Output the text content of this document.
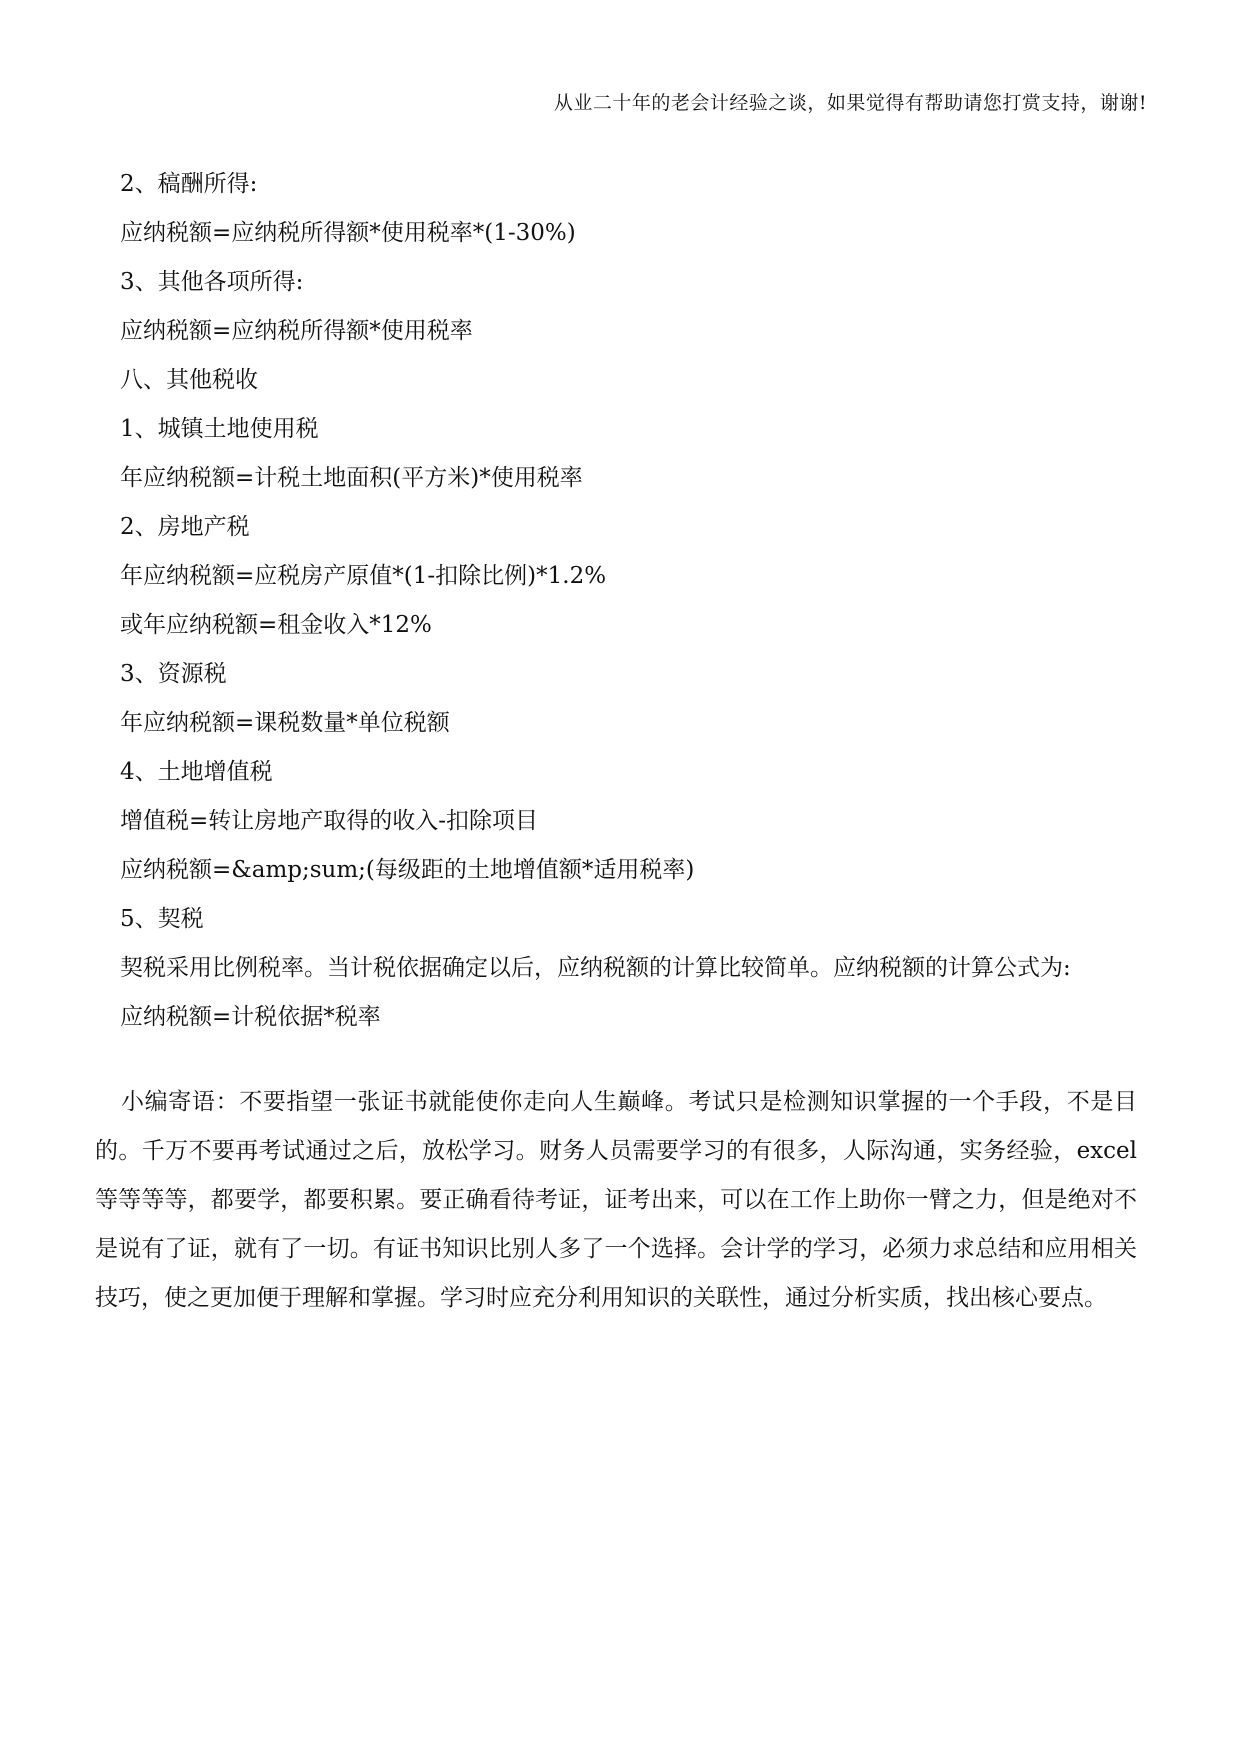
从业二十年的老会计经验之谈，如果觉得有帮助请您打赏支持，谢谢!
2、稿酬所得:
应纳税额=应纳税所得额*使用税率*(1-30%)
3、其他各项所得:
应纳税额=应纳税所得额*使用税率
八、其他税收
1、城镇土地使用税
年应纳税额=计税土地面积(平方米)*使用税率
2、房地产税
年应纳税额=应税房产原值*(1-扣除比例)*1.2%
或年应纳税额=租金收入*12%
3、资源税
年应纳税额=课税数量*单位税额
4、土地增值税
增值税=转让房地产取得的收入-扣除项目
应纳税额=&amp;sum;(每级距的土地增值额*适用税率)
5、契税
契税采用比例税率。当计税依据确定以后，应纳税额的计算比较简单。应纳税额的计算公式为:
应纳税额=计税依据*税率
小编寄语：不要指望一张证书就能使你走向人生巅峰。考试只是检测知识掌握的一个手段，不是目的。千万不要再考试通过之后，放松学习。财务人员需要学习的有很多，人际沟通，实务经验，excel等等等等，都要学，都要积累。要正确看待考证，证考出来，可以在工作上助你一臂之力，但是绝对不是说有了证，就有了一切。有证书知识比别人多了一个选择。会计学的学习，必须力求总结和应用相关技巧，使之更加便于理解和掌握。学习时应充分利用知识的关联性，通过分析实质，找出核心要点。
